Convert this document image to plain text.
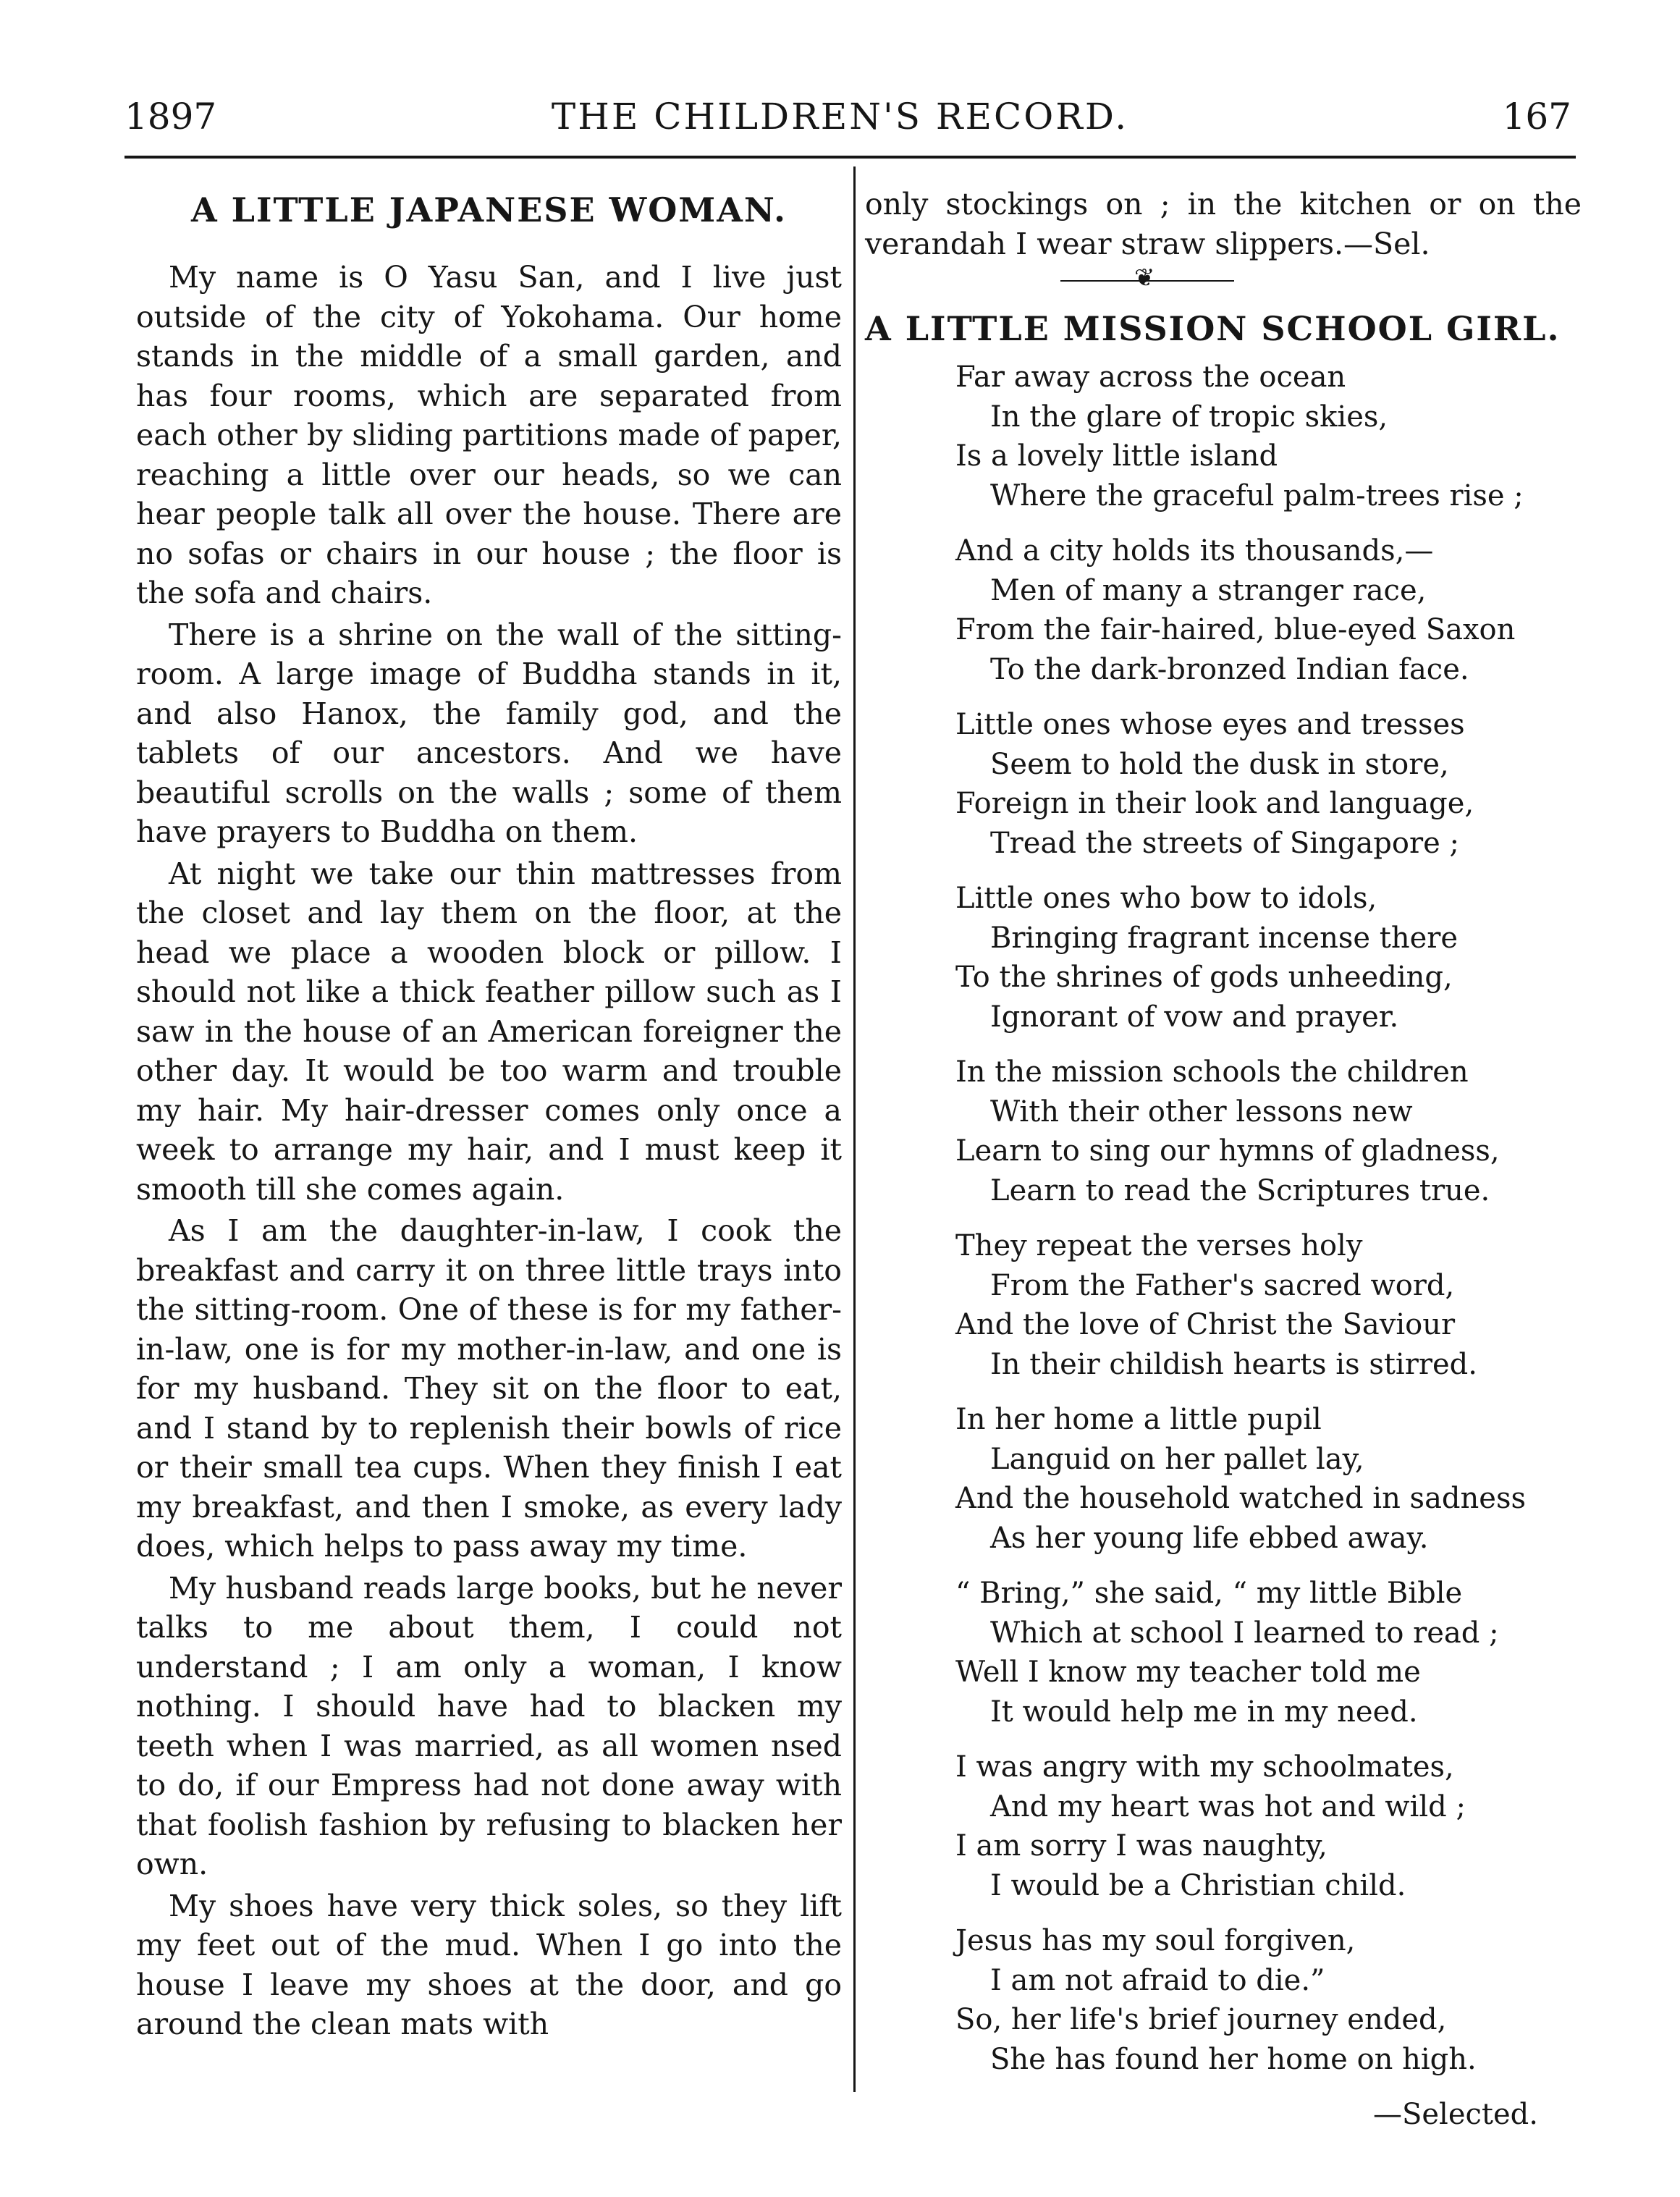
1897	THE CHILDREN'S RECORD.	167
A LITTLE JAPANESE WOMAN.

My name is O Yasu San, and I live just outside of the city of Yokohama. Our home stands in the middle of a small garden, and has four rooms, which are separated from each other by sliding partitions made of paper, reaching a little over our heads, so we can hear people talk all over the house. There are no sofas or chairs in our house ; the floor is the sofa and chairs.

There is a shrine on the wall of the sitting-room. A large image of Buddha stands in it, and also Hanox, the family god, and the tablets of our ancestors. And we have beautiful scrolls on the walls ; some of them have prayers to Buddha on them.

At night we take our thin mattresses from the closet and lay them on the floor, at the head we place a wooden block or pillow. I should not like a thick feather pillow such as I saw in the house of an American foreigner the other day. It would be too warm and trouble my hair. My hair-dresser comes only once a week to arrange my hair, and I must keep it smooth till she comes again.

As I am the daughter-in-law, I cook the breakfast and carry it on three little trays into the sitting-room. One of these is for my father-in-law, one is for my mother-in-law, and one is for my husband. They sit on the floor to eat, and I stand by to replenish their bowls of rice or their small tea cups. When they finish I eat my breakfast, and then I smoke, as every lady does, which helps to pass away my time.

My husband reads large books, but he never talks to me about them, I could not understand ; I am only a woman, I know nothing. I should have had to blacken my teeth when I was married, as all women nsed to do, if our Empress had not done away with that foolish fashion by refusing to blacken her own.

My shoes have very thick soles, so they lift my feet out of the mud. When I go into the house I leave my shoes at the door, and go around the clean mats with

only stockings on ; in the kitchen or on the verandah I wear straw slippers.—Sel.

❦
A LITTLE MISSION SCHOOL GIRL.
Far away across the ocean
In the glare of tropic skies,
Is a lovely little island
Where the graceful palm-trees rise ;
And a city holds its thousands,—
Men of many a stranger race,
From the fair-haired, blue-eyed Saxon
To the dark-bronzed Indian face.
Little ones whose eyes and tresses
Seem to hold the dusk in store,
Foreign in their look and language,
Tread the streets of Singapore ;
Little ones who bow to idols,
Bringing fragrant incense there
To the shrines of gods unheeding,
Ignorant of vow and prayer.
In the mission schools the children
With their other lessons new
Learn to sing our hymns of gladness,
Learn to read the Scriptures true.
They repeat the verses holy
From the Father's sacred word,
And the love of Christ the Saviour
In their childish hearts is stirred.
In her home a little pupil
Languid on her pallet lay,
And the household watched in sadness
As her young life ebbed away.
“ Bring,” she said, “ my little Bible
Which at school I learned to read ;
Well I know my teacher told me
It would help me in my need.
I was angry with my schoolmates,
And my heart was hot and wild ;
I am sorry I was naughty,
I would be a Christian child.
Jesus has my soul forgiven,
I am not afraid to die.”
So, her life's brief journey ended,
She has found her home on high.
—Selected.
